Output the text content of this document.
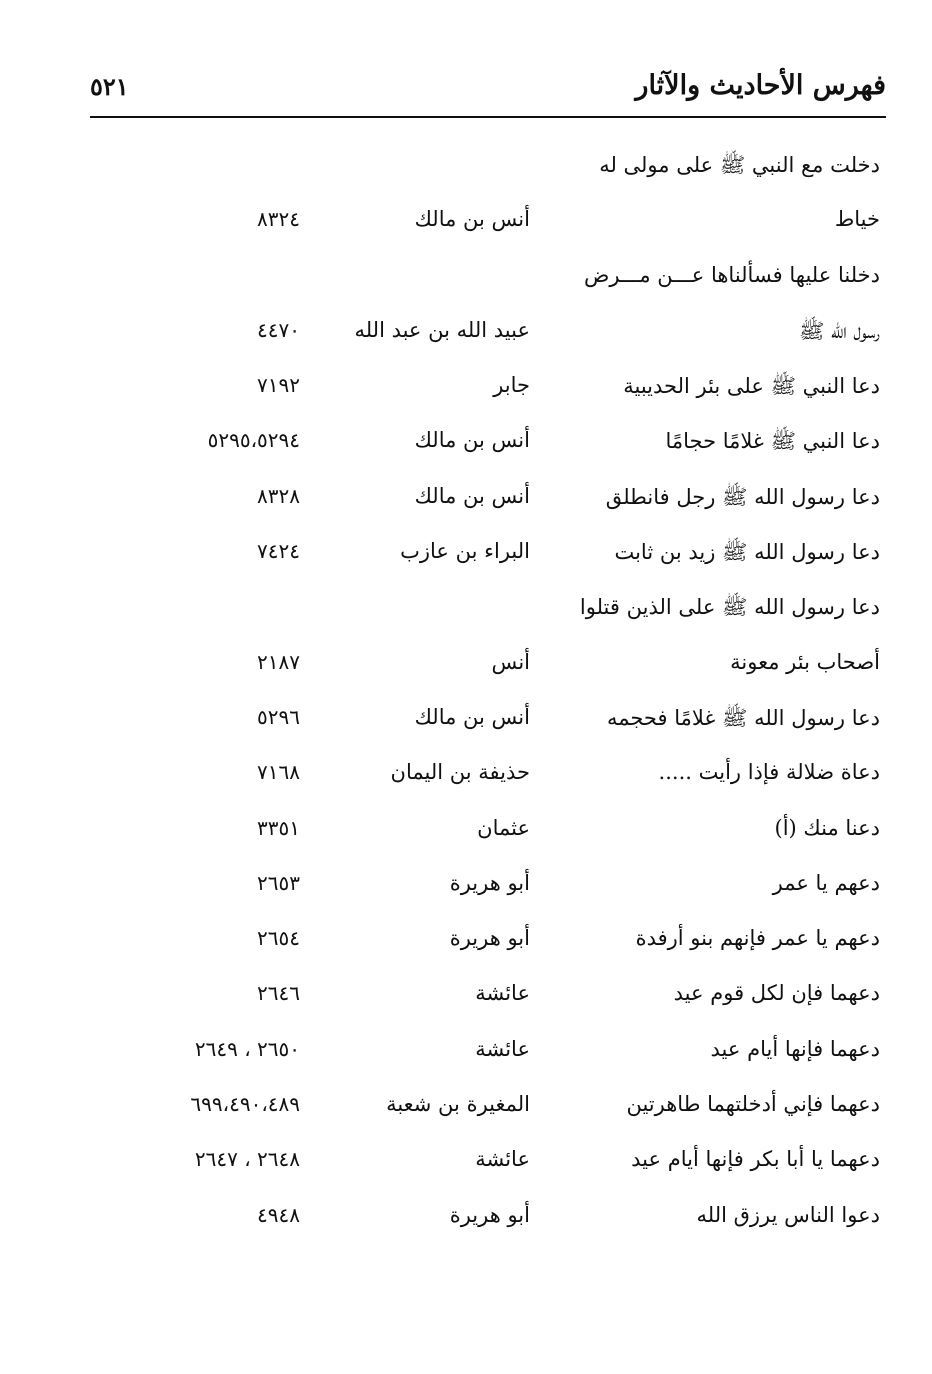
فهرس الأحاديث والآثار
٥٢١
دخلت مع النبي ﷺ على مولى له
خياط
أنس بن مالك
٨٣٢٤
دخلنا عليها فسألناها عـــن مـــرض
رسول الله ﷺ
عبيد الله بن عبد الله
٤٤٧٠
دعا النبي ﷺ على بئر الحديبية
جابر
٧١٩٢
دعا النبي ﷺ غلامًا حجامًا
أنس بن مالك
٥٢٩٥،٥٢٩٤
دعا رسول الله ﷺ رجل فانطلق
أنس بن مالك
٨٣٢٨
دعا رسول الله ﷺ زيد بن ثابت
البراء بن عازب
٧٤٢٤
دعا رسول الله ﷺ على الذين قتلوا
أصحاب بئر معونة
أنس
٢١٨٧
دعا رسول الله ﷺ غلامًا فحجمه
أنس بن مالك
٥٢٩٦
دعاة ضلالة فإذا رأيت .....
حذيفة بن اليمان
٧١٦٨
دعنا منك (أ)
عثمان
٣٣٥١
دعهم يا عمر
أبو هريرة
٢٦٥٣
دعهم يا عمر فإنهم بنو أرفدة
أبو هريرة
٢٦٥٤
دعهما فإن لكل قوم عيد
عائشة
٢٦٤٦
دعهما فإنها أيام عيد
عائشة
٢٦٥٠ ، ٢٦٤٩
دعهما فإني أدخلتهما طاهرتين
المغيرة بن شعبة
٦٩٩،٤٩٠،٤٨٩
دعهما يا أبا بكر فإنها أيام عيد
عائشة
٢٦٤٨ ، ٢٦٤٧
دعوا الناس يرزق الله
أبو هريرة
٤٩٤٨
